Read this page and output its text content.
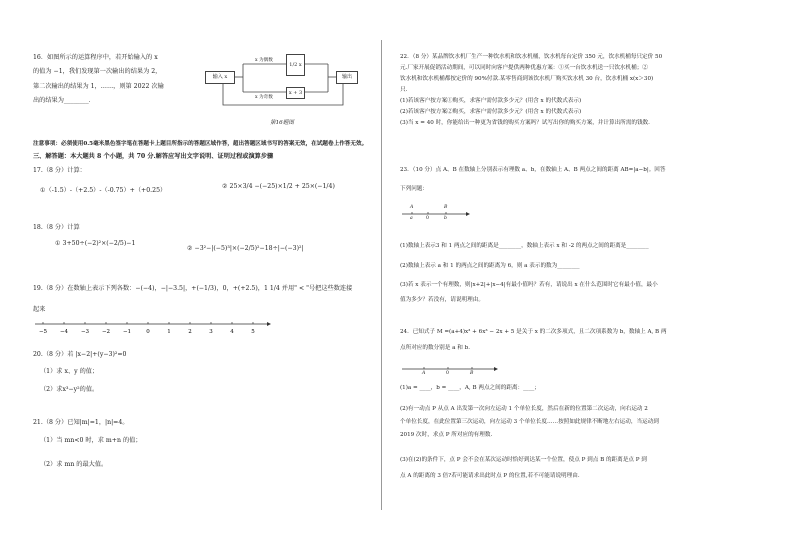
16．如图所示的运算程序中，若开始输入的 x
的值为 −1，我们发现第一次输出的结果为 2，
第二次输出的结果为 1，……，则第 2022 次输
出的结果为________．
输入 x
x 为偶数
1/2 x
x 为奇数
x + 3
输出
第16题图
注意事项：必须使用0.5毫米黑色签字笔在答题卡上题目所指示的答题区域作答，超出答题区域书写的答案无效，在试题卷上作答无效。
三、解答题：本大题共 8 个小题，共 70 分.解答应写出文字说明、证明过程或演算步骤
17.（8 分）计算：
①（-1.5）-（+2.5）-（-0.75）+（+0.25）
② 25×3/4 −(−25)×1/2 + 25×(−1/4)
18.（8 分）计算
① 3+50÷(−2)²×(−2/5)−1
② −3²−|(−5)³|×(−2/5)²−18÷|−(−3)²|
19.（8 分）在数轴上表示下列各数：−(−4)，−|−3.5|，+(−1/3)，0，+(+2.5)，1 1/4 并用" < "号把这些数连接
起来
−5 −4 −3 −2 −1	0	1	2	3	4	5
20.（8 分）若 |x−2|+(y−3)²=0
（1）求 x、y 的值；
（2）求x³−y²的值。
21.（8 分）已知|m|=1，|n|=4。
（1）当 mn<0 时，求 m+n 的值；
（2）求 mn 的最大值。
22．（8 分）某品牌饮水机厂生产一种饮水机和饮水机桶，饮水机每台定价 350 元，饮水机桶每只定价 50
元.厂家开展促销活动期间，可以同时向客户提供两种优惠方案：①买一台饮水机送一只饮水机桶；②
饮水机和饮水机桶都按定价的 90%付款.某零售商到该饮水机厂购买饮水机 30 台，饮水机桶 x(x＞30)
只.
(1)若该客户按方案①购买，求客户需付款多少元？(用含 x 的代数式表示)
(2)若该客户按方案②购买，求客户需付款多少元？(用含 x 的代数式表示)
(3)当 x = 40 时，你能给出一种更为省钱的购买方案吗？试写出你的购买方案，并计算出所需的钱数.
23．（10 分）点 A、B 在数轴上分别表示有理数 a、b，在数轴上 A、B 两点之间的距离 AB=|a−b|。回答
下列问题：
A	B
a	0	b
(1)数轴上表示3 和 1 两点之间的距离是________，数轴上表示 x 和 -2 的两点之间的距离是________
(2)数轴上表示 a 和 1 的两点之间的距离为 6，则 a 表示的数为________
(3)若 x 表示一个有理数，则|x+2|+|x−4|有最小值吗？若有，请说出 x 在什么范围时它有最小值，最小
值为多少？若没有，请说明理由。
24．已知式子 M =(a+4)x³ + 6x³ − 2x + 5 是关于 x 的二次多项式，且二次项系数为 b，数轴上 A, B 两
点所对应的数分别是 a 和 b．
A	0	B
(1)a = ____，b = ____，A, B 两点之间的距离：____；
(2)有一动点 P 从点 A 出发第一次向左运动 1 个单位长度，然后在新的位置第二次运动，向右运动 2
个单位长度，在此位置第三次运动，向左运动 3 个单位长度……按照如此规律不断地左右运动，当运动到
2019 次时，求点 P 所对应的有理数.
(3)在(2)的条件下，点 P 会不会在某次运动时恰好到达某一个位置，使点 P 到点 B 的距离是点 P 到
点 A 的距离的 3 倍?若可能请求出此时点 P 的位置,若不可能请说明理由.
